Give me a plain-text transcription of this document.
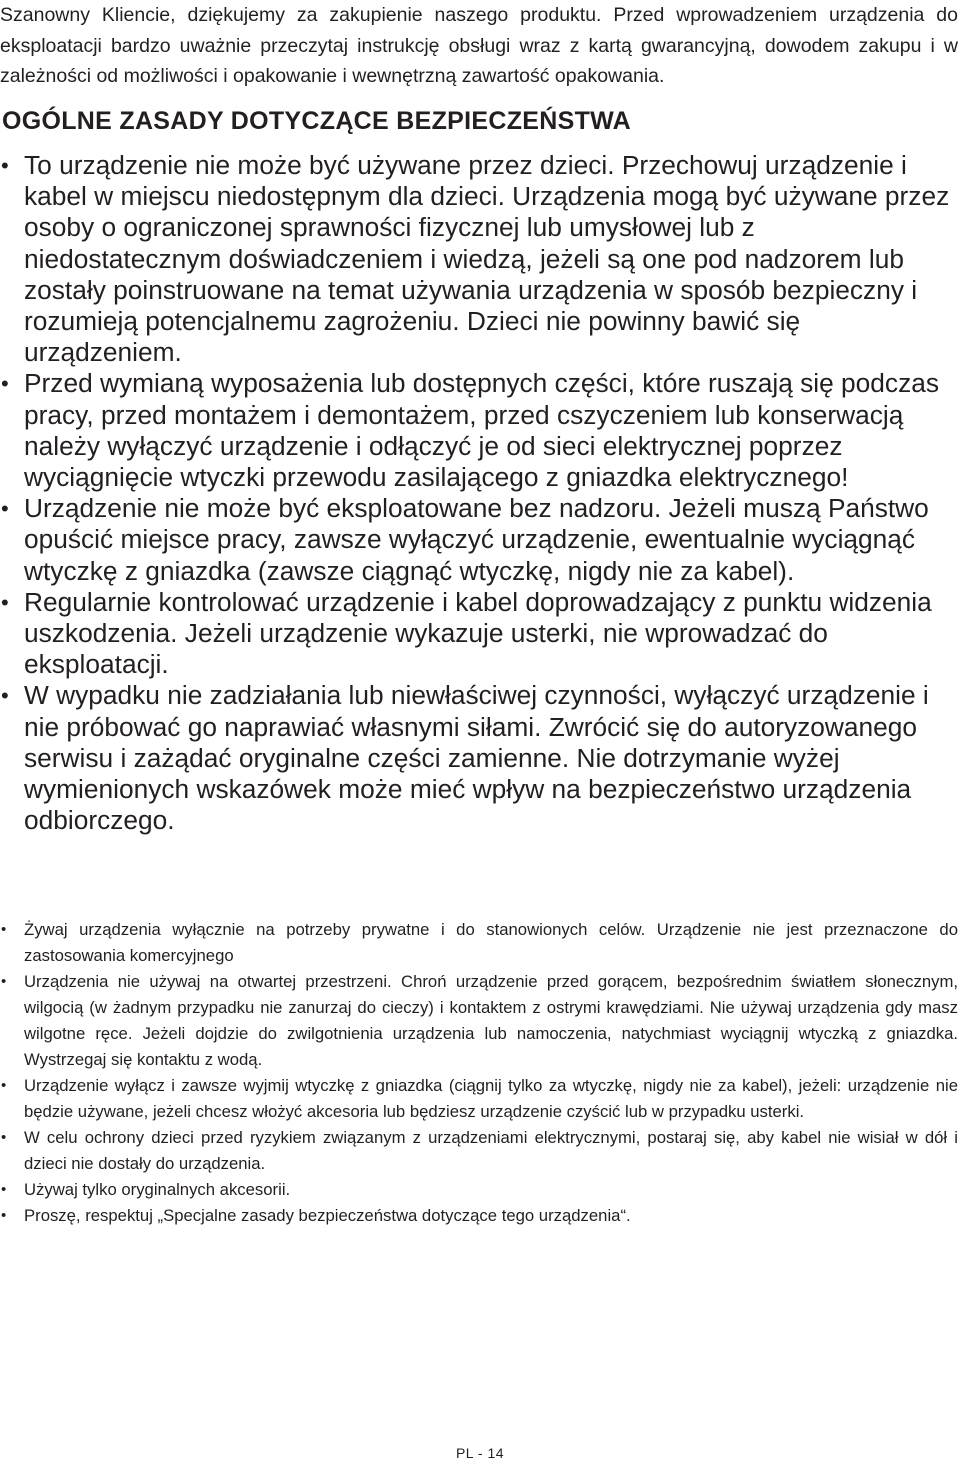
Szanowny Kliencie, dziękujemy za zakupienie naszego produktu. Przed wprowadzeniem urządzenia do eksploatacji bardzo uważnie przeczytaj instrukcję obsługi wraz z kartą gwarancyjną, dowodem zakupu i w zależności od możliwości i opakowanie i wewnętrzną zawartość opakowania.

OGÓLNE ZASADY DOTYCZĄCE BEZPIECZEŃSTWA
• To urządzenie nie może być używane przez dzieci. Przechowuj urządzenie i kabel w miejscu niedostępnym dla dzieci. Urządzenia mogą być używane przez osoby o ograniczonej sprawności fizycznej lub umysłowej lub z niedostatecznym doświadczeniem i wiedzą, jeżeli są one pod nadzorem lub zostały poinstruowane na temat używania urządzenia w sposób bezpieczny i rozumieją potencjalnemu zagrożeniu. Dzieci nie powinny bawić się urządzeniem.
• Przed wymianą wyposażenia lub dostępnych części, które ruszają się podczas pracy, przed montażem i demontażem, przed cszyczeniem lub konserwacją należy wyłączyć urządzenie i odłączyć je od sieci elektrycznej poprzez wyciągnięcie wtyczki przewodu zasilającego z gniazdka elektrycznego!
• Urządzenie nie może być eksploatowane bez nadzoru. Jeżeli muszą Państwo opuścić miejsce pracy, zawsze wyłączyć urządzenie, ewentualnie wyciągnąć wtyczkę z gniazdka (zawsze ciągnąć wtyczkę, nigdy nie za kabel).
• Regularnie kontrolować urządzenie i kabel doprowadzający z punktu widzenia uszkodzenia. Jeżeli urządzenie wykazuje usterki, nie wprowadzać do eksploatacji.
• W wypadku nie zadziałania lub niewłaściwej czynności, wyłączyć urządzenie i nie próbować go naprawiać własnymi siłami. Zwrócić się do autoryzowanego serwisu i zażądać oryginalne części zamienne. Nie dotrzymanie wyżej wymienionych wskazówek może mieć wpływ na bezpieczeństwo urządzenia odbiorczego.
• Żywaj urządzenia wyłącznie na potrzeby prywatne i do stanowionych celów. Urządzenie nie jest przeznaczone do zastosowania komercyjnego
• Urządzenia nie używaj na otwartej przestrzeni. Chroń urządzenie przed gorącem, bezpośrednim światłem słonecznym, wilgocią (w żadnym przypadku nie zanurzaj do cieczy) i kontaktem z ostrymi krawędziami. Nie używaj urządzenia gdy masz wilgotne ręce. Jeżeli dojdzie do zwilgotnienia urządzenia lub namoczenia, natychmiast wyciągnij wtyczką z gniazdka. Wystrzegaj się kontaktu z wodą.
• Urządzenie wyłącz i zawsze wyjmij wtyczkę z gniazdka (ciągnij tylko za wtyczkę, nigdy nie za kabel), jeżeli: urządzenie nie będzie używane, jeżeli chcesz włożyć akcesoria lub będziesz urządzenie czyścić lub w przypadku usterki.
• W celu ochrony dzieci przed ryzykiem związanym z urządzeniami elektrycznymi, postaraj się, aby kabel nie wisiał w dół i dzieci nie dostały do urządzenia.
• Używaj tylko oryginalnych akcesorii.
• Proszę, respektuj „Specjalne zasady bezpieczeństwa dotyczące tego urządzenia“.
PL - 14
